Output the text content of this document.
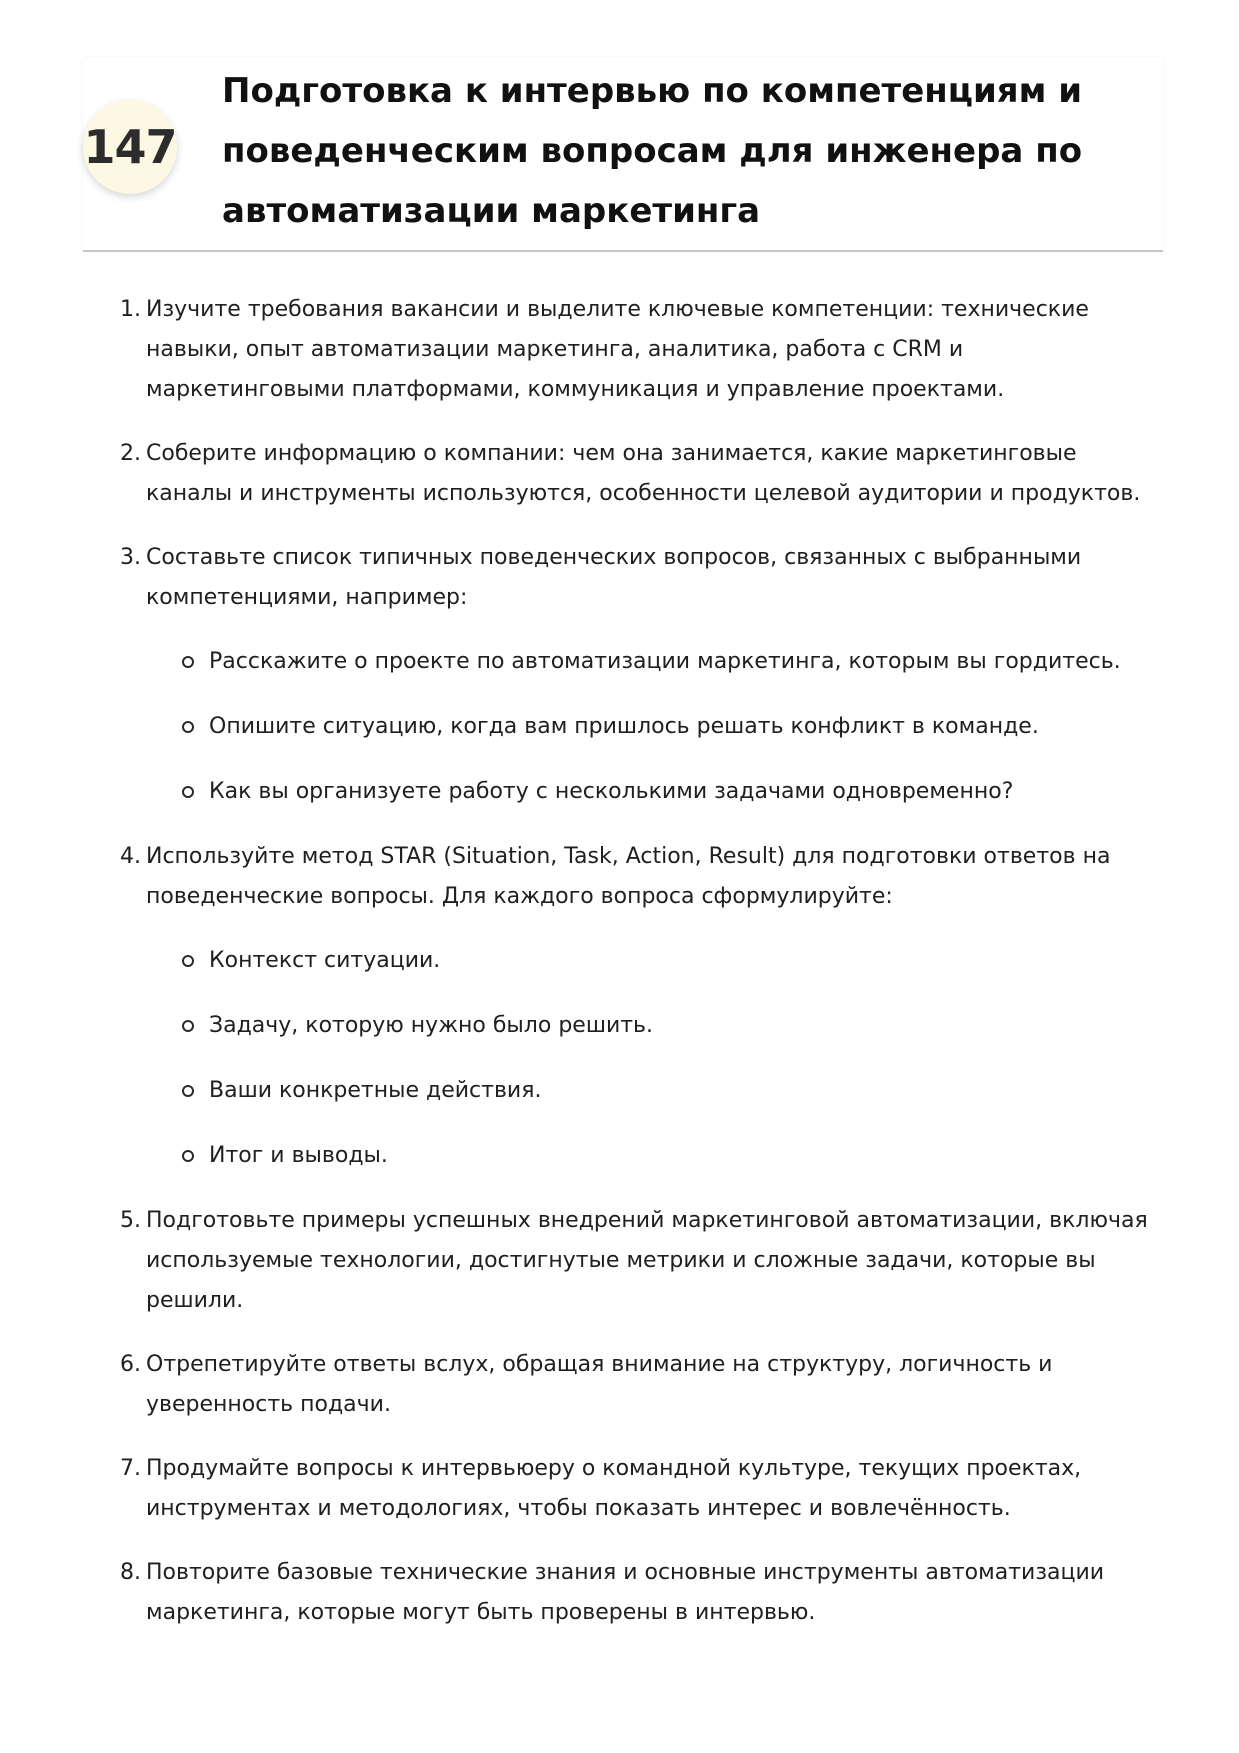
147
Подготовка к интервью по компетенциям и поведенческим вопросам для инженера по автоматизации маркетинга
1. Изучите требования вакансии и выделите ключевые компетенции: технические навыки, опыт автоматизации маркетинга, аналитика, работа с CRM и маркетинговыми платформами, коммуникация и управление проектами.
2. Соберите информацию о компании: чем она занимается, какие маркетинговые каналы и инструменты используются, особенности целевой аудитории и продуктов.
3. Составьте список типичных поведенческих вопросов, связанных с выбранными компетенциями, например:
Расскажите о проекте по автоматизации маркетинга, которым вы гордитесь.
Опишите ситуацию, когда вам пришлось решать конфликт в команде.
Как вы организуете работу с несколькими задачами одновременно?
4. Используйте метод STAR (Situation, Task, Action, Result) для подготовки ответов на поведенческие вопросы. Для каждого вопроса сформулируйте:
Контекст ситуации.
Задачу, которую нужно было решить.
Ваши конкретные действия.
Итог и выводы.
5. Подготовьте примеры успешных внедрений маркетинговой автоматизации, включая используемые технологии, достигнутые метрики и сложные задачи, которые вы решили.
6. Отрепетируйте ответы вслух, обращая внимание на структуру, логичность и уверенность подачи.
7. Продумайте вопросы к интервьюеру о командной культуре, текущих проектах, инструментах и методологиях, чтобы показать интерес и вовлечённость.
8. Повторите базовые технические знания и основные инструменты автоматизации маркетинга, которые могут быть проверены в интервью.
